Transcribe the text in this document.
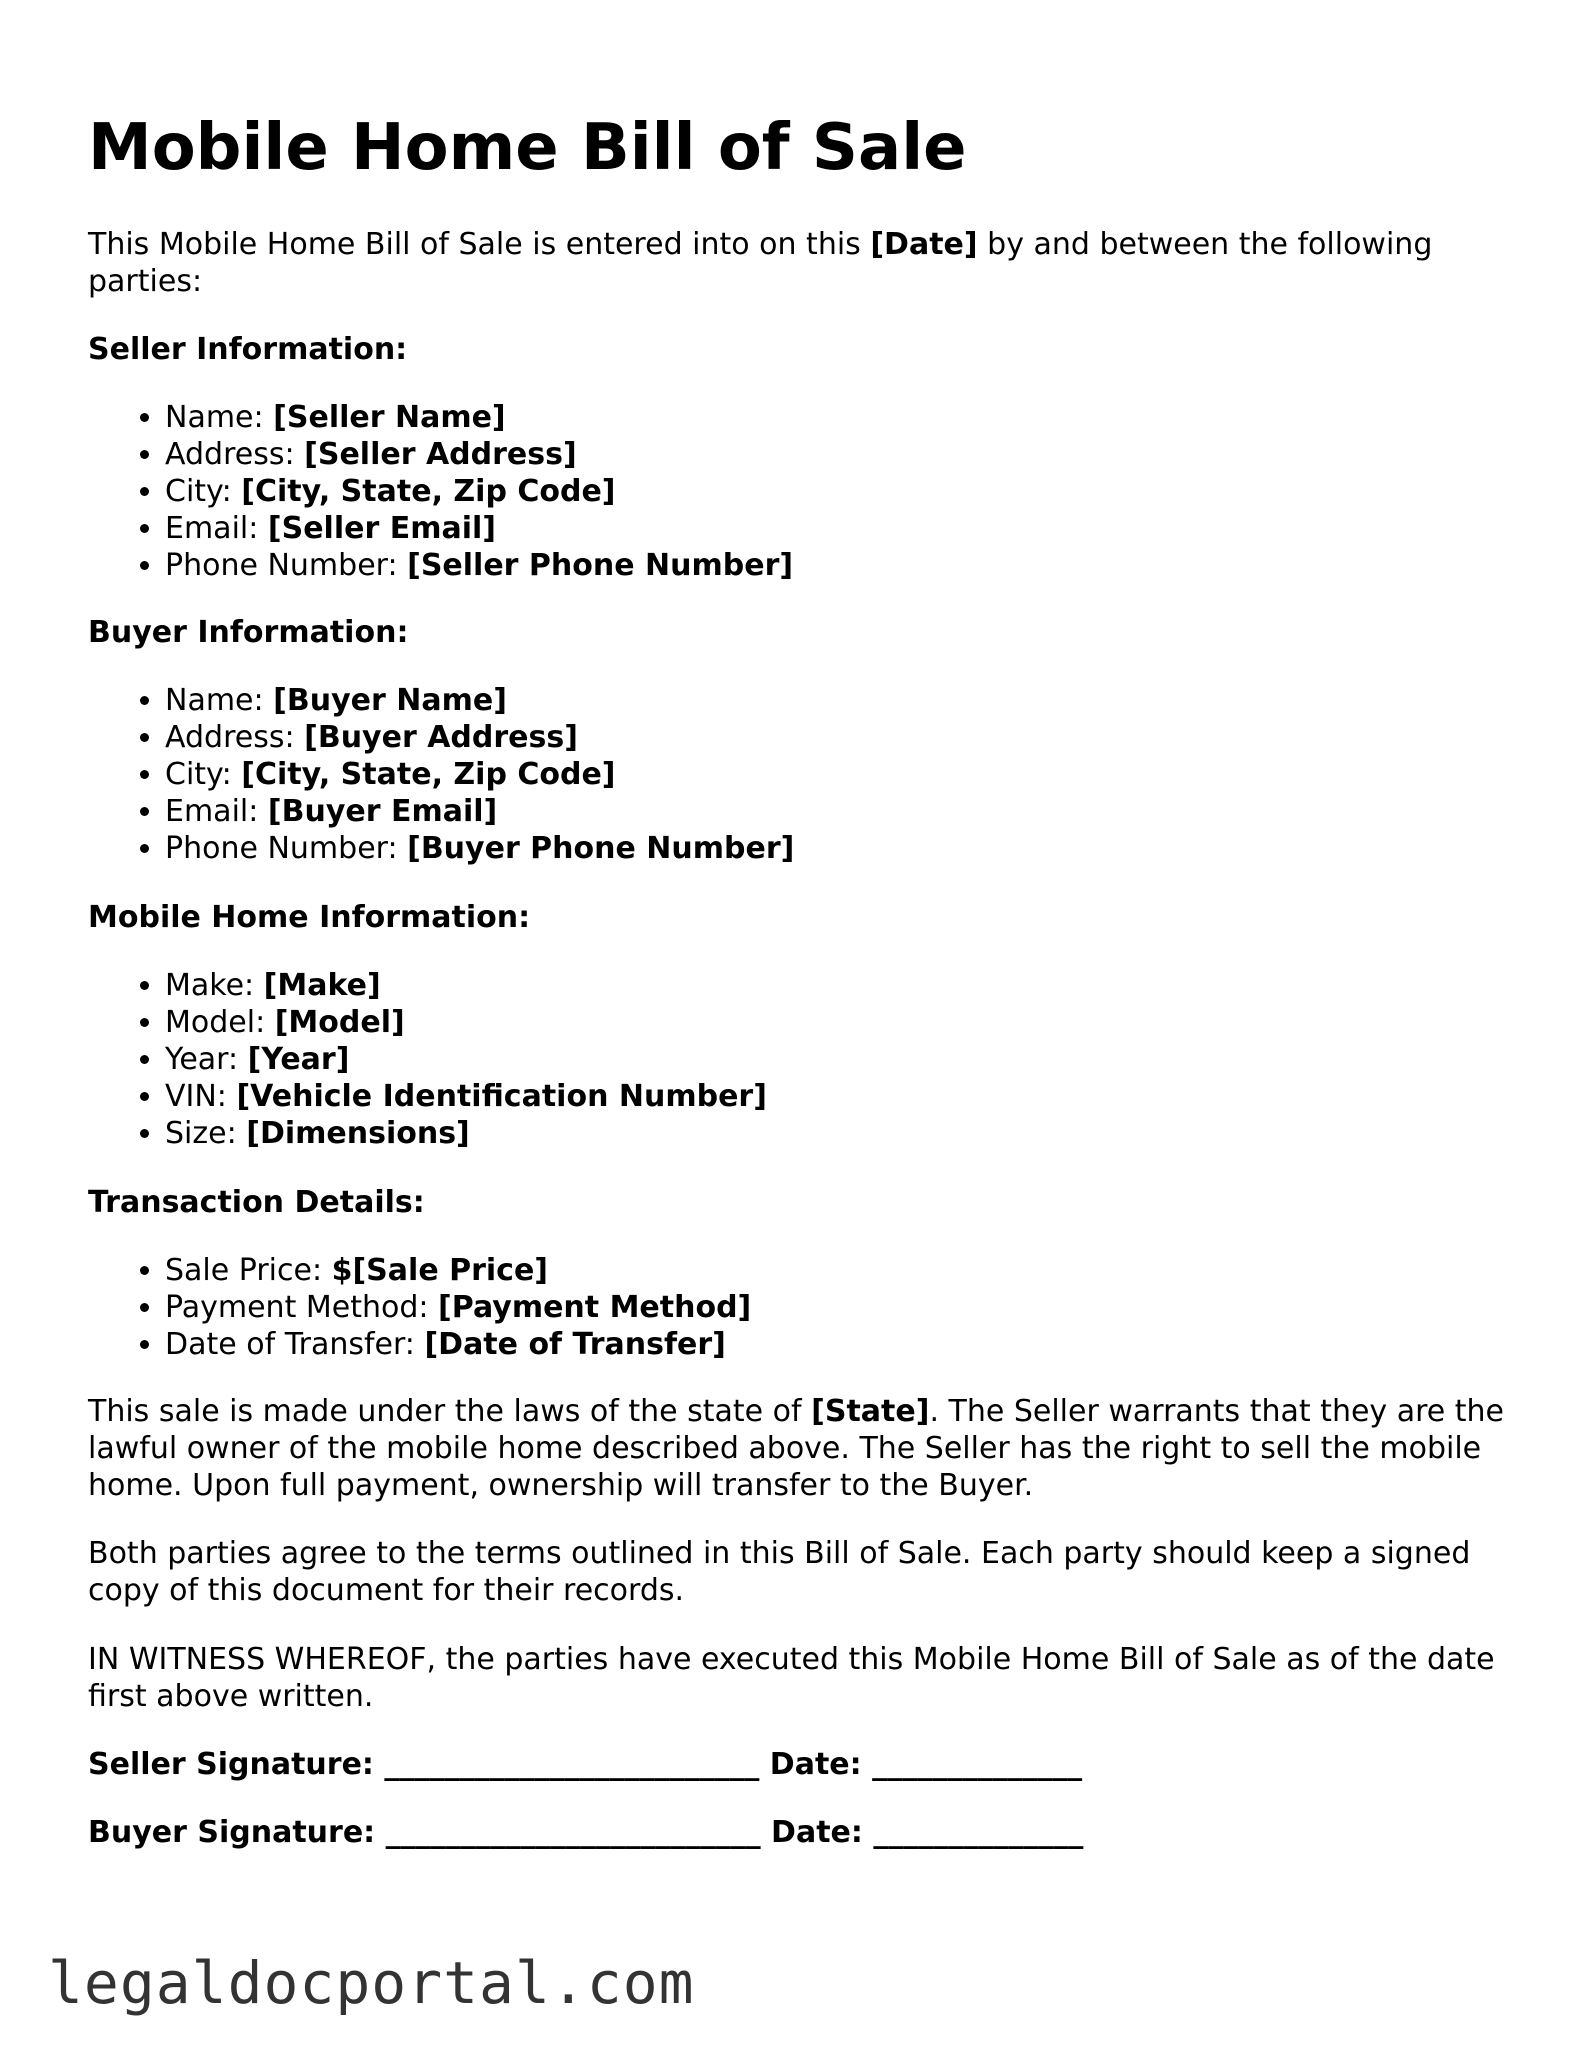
Mobile Home Bill of Sale

This Mobile Home Bill of Sale is entered into on this [Date] by and between the following parties:

Seller Information:
• Name: [Seller Name]
• Address: [Seller Address]
• City: [City, State, Zip Code]
• Email: [Seller Email]
• Phone Number: [Seller Phone Number]
Buyer Information:
• Name: [Buyer Name]
• Address: [Buyer Address]
• City: [City, State, Zip Code]
• Email: [Buyer Email]
• Phone Number: [Buyer Phone Number]
Mobile Home Information:
• Make: [Make]
• Model: [Model]
• Year: [Year]
• VIN: [Vehicle Identification Number]
• Size: [Dimensions]
Transaction Details:
• Sale Price: $[Sale Price]
• Payment Method: [Payment Method]
• Date of Transfer: [Date of Transfer]

This sale is made under the laws of the state of [State]. The Seller warrants that they are the lawful owner of the mobile home described above. The Seller has the right to sell the mobile home. Upon full payment, ownership will transfer to the Buyer.

Both parties agree to the terms outlined in this Bill of Sale. Each party should keep a signed copy of this document for their records.

IN WITNESS WHEREOF, the parties have executed this Mobile Home Bill of Sale as of the date first above written.

Seller Signature: _________________________ Date: ______________
Buyer Signature: _________________________ Date: ______________
legaldocportal.com
